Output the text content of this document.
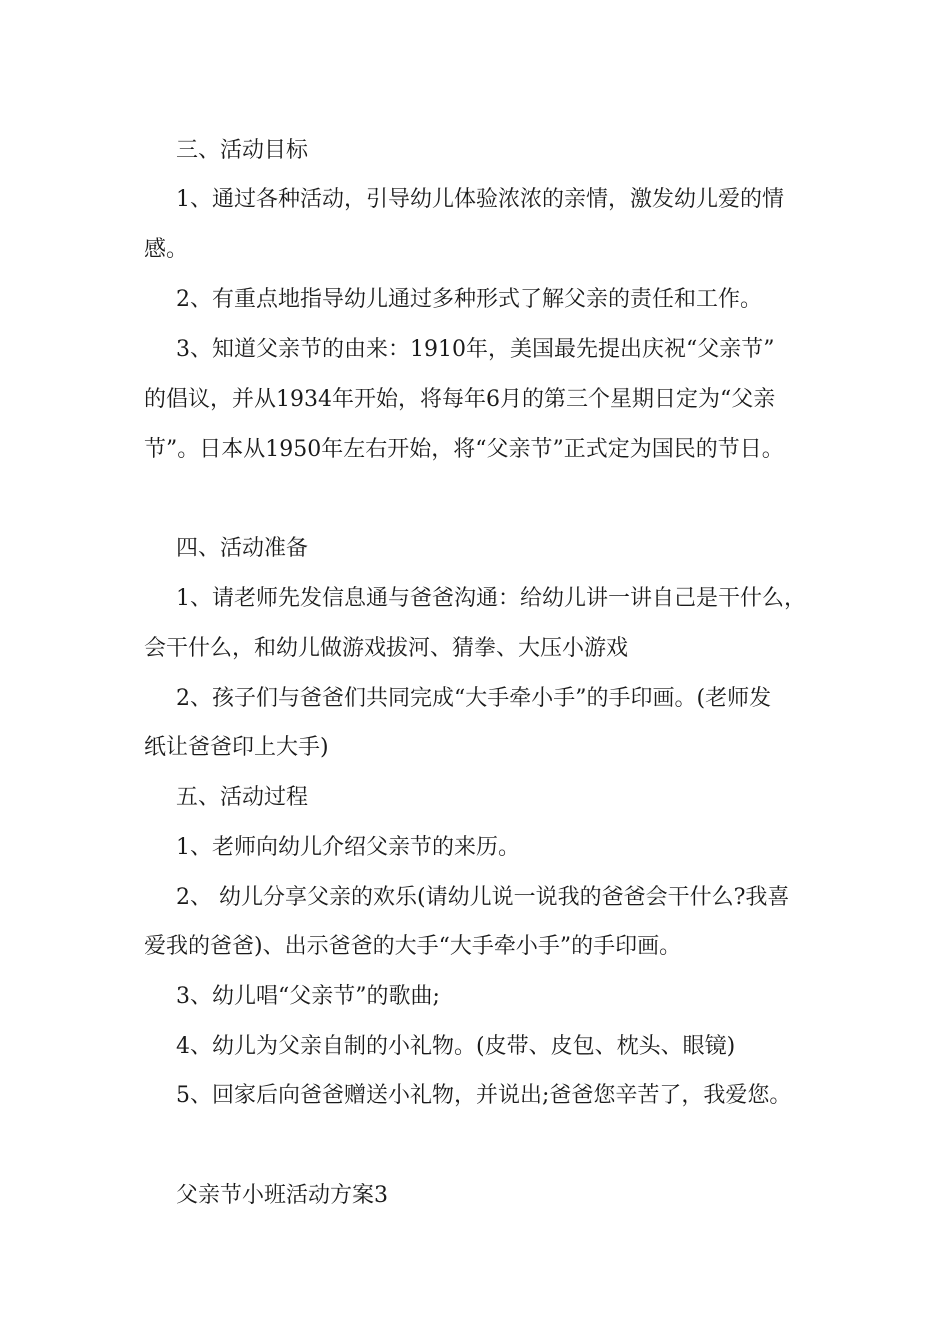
三、活动目标
1、通过各种活动，引导幼儿体验浓浓的亲情，激发幼儿爱的情
感。
2、有重点地指导幼儿通过多种形式了解父亲的责任和工作。
3、知道父亲节的由来：1910年，美国最先提出庆祝“父亲节”
的倡议，并从1934年开始，将每年6月的第三个星期日定为“父亲
节”。日本从1950年左右开始，将“父亲节”正式定为国民的节日。
四、活动准备
1、请老师先发信息通与爸爸沟通：给幼儿讲一讲自己是干什么，
会干什么，和幼儿做游戏拔河、猜拳、大压小游戏
2、孩子们与爸爸们共同完成“大手牵小手”的手印画。(老师发
纸让爸爸印上大手)
五、活动过程
1、老师向幼儿介绍父亲节的来历。
2、 幼儿分享父亲的欢乐(请幼儿说一说我的爸爸会干什么?我喜
爱我的爸爸)、出示爸爸的大手“大手牵小手”的手印画。
3、幼儿唱“父亲节”的歌曲;
4、幼儿为父亲自制的小礼物。(皮带、皮包、枕头、眼镜)
5、回家后向爸爸赠送小礼物，并说出;爸爸您辛苦了，我爱您。
父亲节小班活动方案3
